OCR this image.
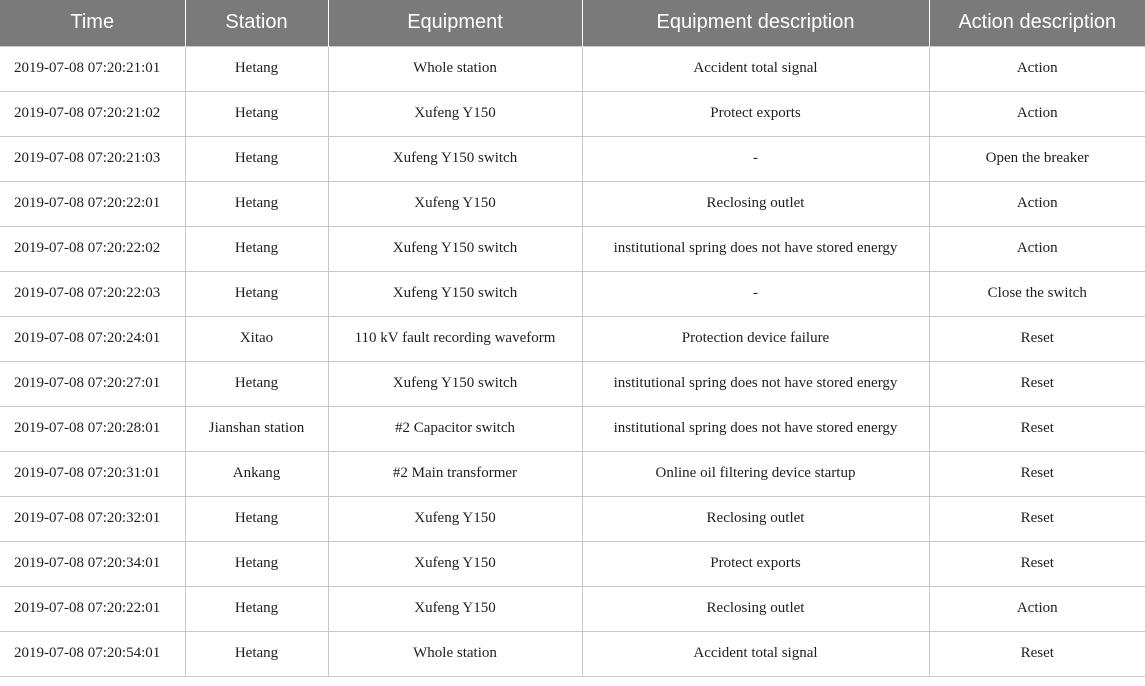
Time	Station	Equipment	Equipment description	Action description
2019-07-08 07:20:21:01	Hetang	Whole station	Accident total signal	Action
2019-07-08 07:20:21:02	Hetang	Xufeng Y150	Protect exports	Action
2019-07-08 07:20:21:03	Hetang	Xufeng Y150 switch	-	Open the breaker
2019-07-08 07:20:22:01	Hetang	Xufeng Y150	Reclosing outlet	Action
2019-07-08 07:20:22:02	Hetang	Xufeng Y150 switch	institutional spring does not have stored energy	Action
2019-07-08 07:20:22:03	Hetang	Xufeng Y150 switch	-	Close the switch
2019-07-08 07:20:24:01	Xitao	110 kV fault recording waveform	Protection device failure	Reset
2019-07-08 07:20:27:01	Hetang	Xufeng Y150 switch	institutional spring does not have stored energy	Reset
2019-07-08 07:20:28:01	Jianshan station	#2 Capacitor switch	institutional spring does not have stored energy	Reset
2019-07-08 07:20:31:01	Ankang	#2 Main transformer	Online oil filtering device startup	Reset
2019-07-08 07:20:32:01	Hetang	Xufeng Y150	Reclosing outlet	Reset
2019-07-08 07:20:34:01	Hetang	Xufeng Y150	Protect exports	Reset
2019-07-08 07:20:22:01	Hetang	Xufeng Y150	Reclosing outlet	Action
2019-07-08 07:20:54:01	Hetang	Whole station	Accident total signal	Reset
